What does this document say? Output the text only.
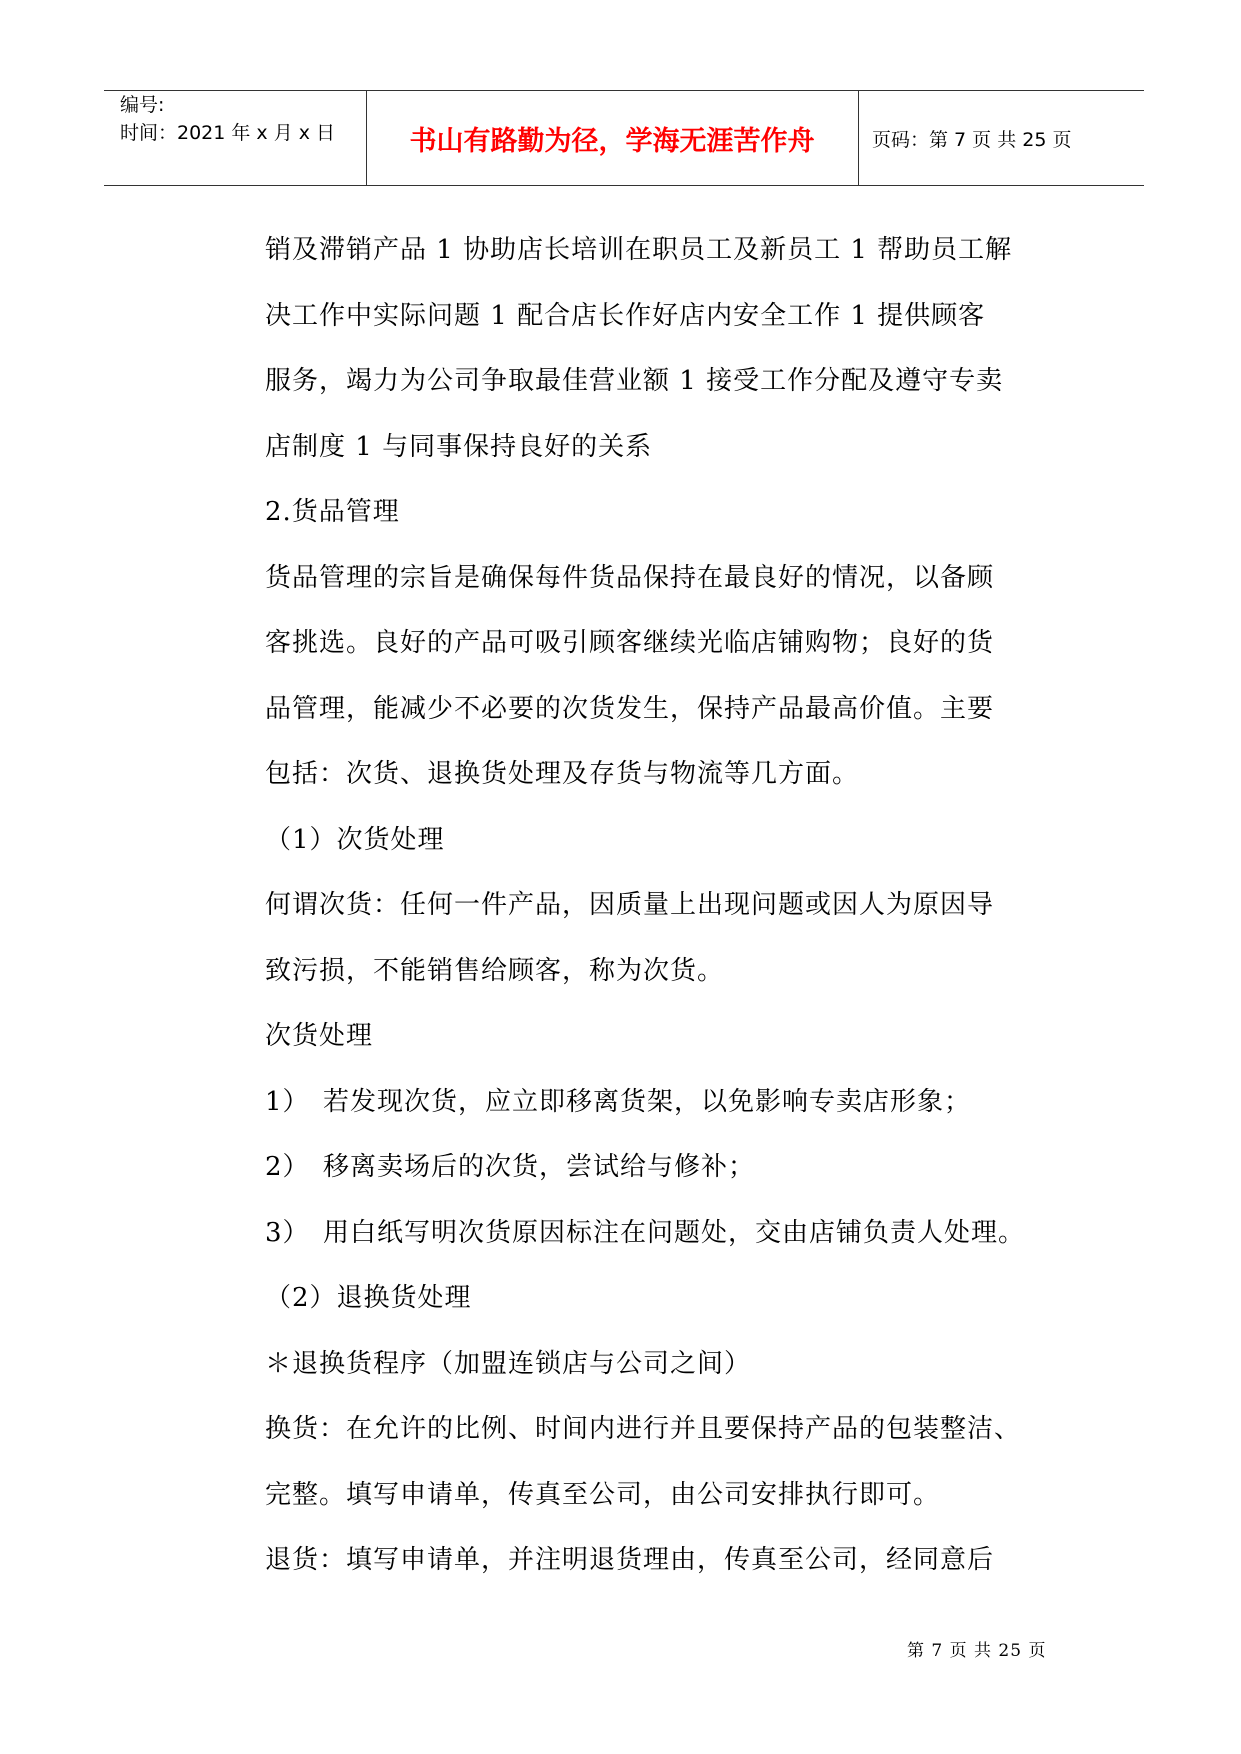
编号:
时间：2021 年 x 月 x 日	书山有路勤为径，学海无涯苦作舟	页码：第 7 页 共 25 页

销及滞销产品 1 协助店长培训在职员工及新员工 1 帮助员工解

决工作中实际问题 1 配合店长作好店内安全工作 1 提供顾客

服务，竭力为公司争取最佳营业额 1 接受工作分配及遵守专卖

店制度 1 与同事保持良好的关系

2.货品管理

货品管理的宗旨是确保每件货品保持在最良好的情况，以备顾

客挑选。良好的产品可吸引顾客继续光临店铺购物；良好的货

品管理，能减少不必要的次货发生，保持产品最高价值。主要

包括：次货、退换货处理及存货与物流等几方面。

（1）次货处理

何谓次货：任何一件产品，因质量上出现问题或因人为原因导

致污损，不能销售给顾客，称为次货。

次货处理

1） 若发现次货，应立即移离货架，以免影响专卖店形象；

2） 移离卖场后的次货，尝试给与修补；

3） 用白纸写明次货原因标注在问题处，交由店铺负责人处理。

（2）退换货处理

＊退换货程序（加盟连锁店与公司之间）

换货：在允许的比例、时间内进行并且要保持产品的包装整洁、

完整。填写申请单，传真至公司，由公司安排执行即可。

退货：填写申请单，并注明退货理由，传真至公司，经同意后

第 7 页 共 25 页
